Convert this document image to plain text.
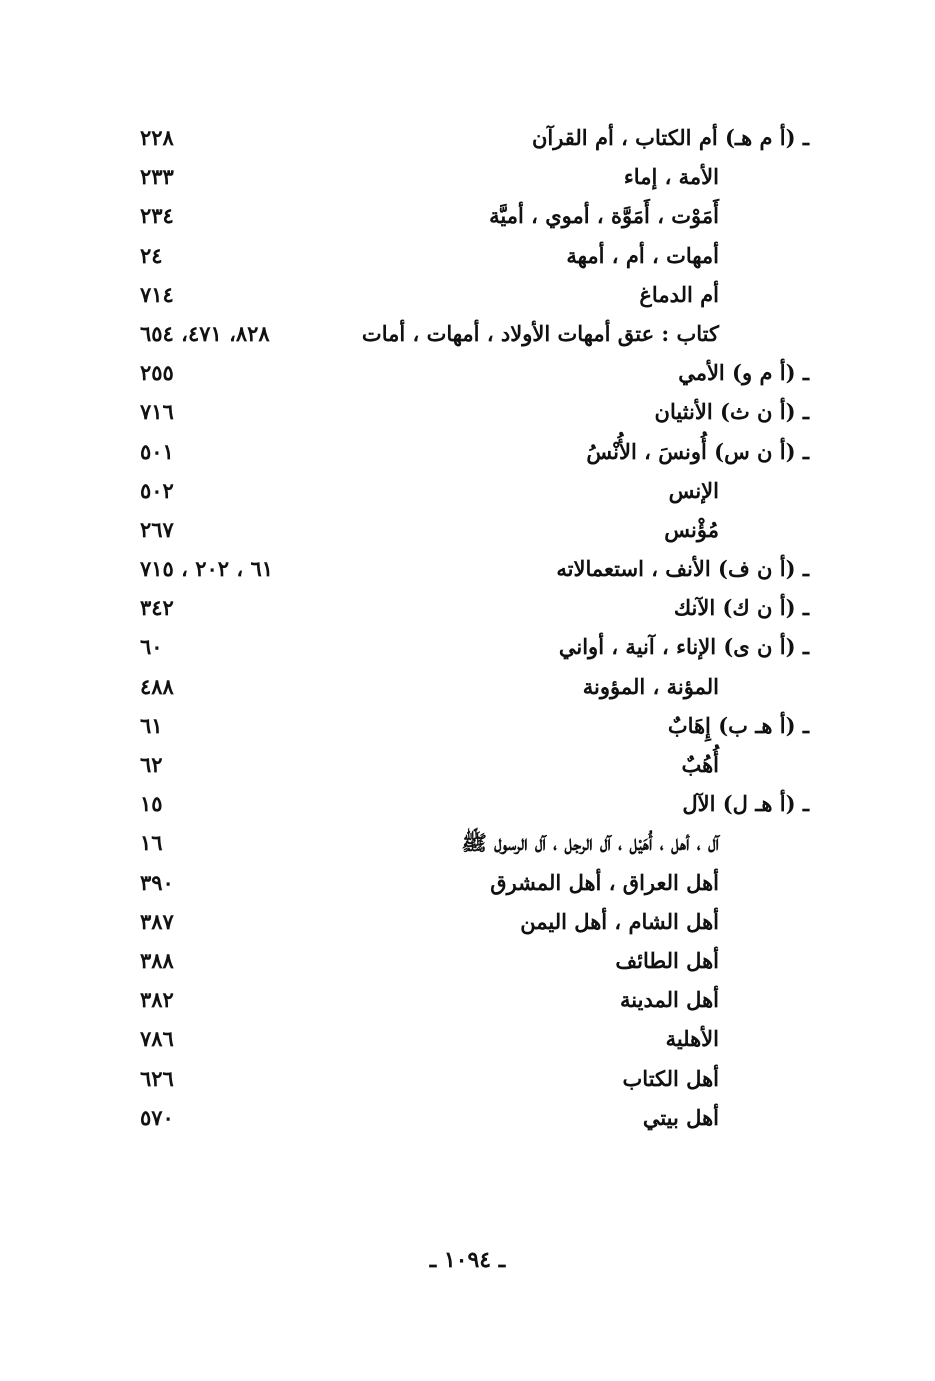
ـ (أ م هـ) أم الكتاب ، أم القرآن
٢٢٨
الأمة ، إماء
٢٣٣
أَمَوْت ، أَمَوَّة ، أموي ، أميَّة
٢٣٤
أمهات ، أم ، أمهة
٢٤
أم الدماغ
٧١٤
كتاب : عتق أمهات الأولاد ، أمهات ، أمات
٨٢٨، ٤٧١، ٦٥٤
ـ (أ م و) الأمي
٢٥٥
ـ (أ ن ث) الأنثيان
٧١٦
ـ (أ ن س) أُونسَ ، الأُنْسُ
٥٠١
الإنس
٥٠٢
مُؤْنس
٢٦٧
ـ (أ ن ف) الأنف ، استعمالاته
٦١ ، ٢٠٢ ، ٧١٥
ـ (أ ن ك) الآنك
٣٤٢
ـ (أ ن ى) الإناء ، آنية ، أواني
٦٠
المؤنة ، المؤونة
٤٨٨
ـ (أ هـ ب) إِهَابٌ
٦١
أُهُبٌ
٦٢
ـ (أ هـ ل) الآل
١٥
آل ، أهل ، أُهَيْل ، آل الرجل ، آل الرسول ﷺ
١٦
أهل العراق ، أهل المشرق
٣٩٠
أهل الشام ، أهل اليمن
٣٨٧
أهل الطائف
٣٨٨
أهل المدينة
٣٨٢
الأهلية
٧٨٦
أهل الكتاب
٦٢٦
أهل بيتي
٥٧٠
ـ ١٠٩٤ ـ
